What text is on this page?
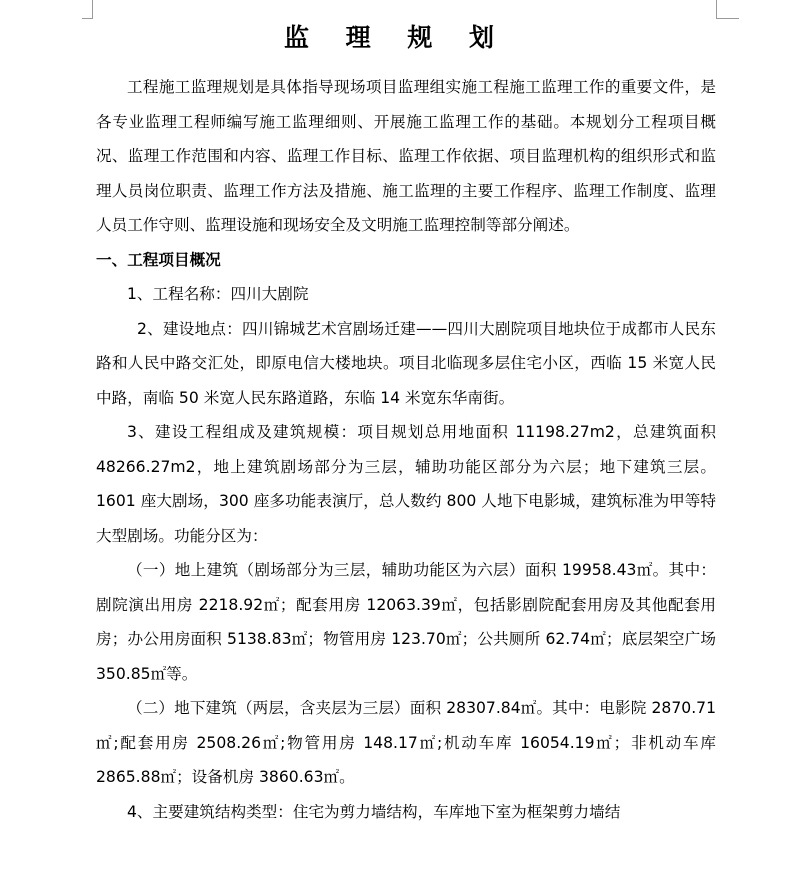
监 理 规 划

工程施工监理规划是具体指导现场项目监理组实施工程施工监理工作的重要文件，是各专业监理工程师编写施工监理细则、开展施工监理工作的基础。本规划分工程项目概况、监理工作范围和内容、监理工作目标、监理工作依据、项目监理机构的组织形式和监理人员岗位职责、监理工作方法及措施、施工监理的主要工作程序、监理工作制度、监理人员工作守则、监理设施和现场安全及文明施工监理控制等部分阐述。

一、工程项目概况

1、工程名称：四川大剧院

2、建设地点：四川锦城艺术宫剧场迁建——四川大剧院项目地块位于成都市人民东路和人民中路交汇处，即原电信大楼地块。项目北临现多层住宅小区，西临 15 米宽人民中路，南临 50 米宽人民东路道路，东临 14 米宽东华南街。

3、建设工程组成及建筑规模：项目规划总用地面积 11198.27m2，总建筑面积 48266.27m2，地上建筑剧场部分为三层，辅助功能区部分为六层；地下建筑三层。1601 座大剧场，300 座多功能表演厅，总人数约 800 人地下电影城，建筑标准为甲等特大型剧场。功能分区为：

（一）地上建筑（剧场部分为三层，辅助功能区为六层）面积 19958.43㎡。其中：剧院演出用房 2218.92㎡；配套用房 12063.39㎡，包括影剧院配套用房及其他配套用房；办公用房面积 5138.83㎡；物管用房 123.70㎡；公共厕所 62.74㎡；底层架空广场 350.85㎡等。

（二）地下建筑（两层，含夹层为三层）面积 28307.84㎡。其中：电影院 2870.71㎡;配套用房 2508.26㎡;物管用房 148.17㎡;机动车库 16054.19㎡；非机动车库 2865.88㎡；设备机房 3860.63㎡。

4、主要建筑结构类型：住宅为剪力墙结构，车库地下室为框架剪力墙结
